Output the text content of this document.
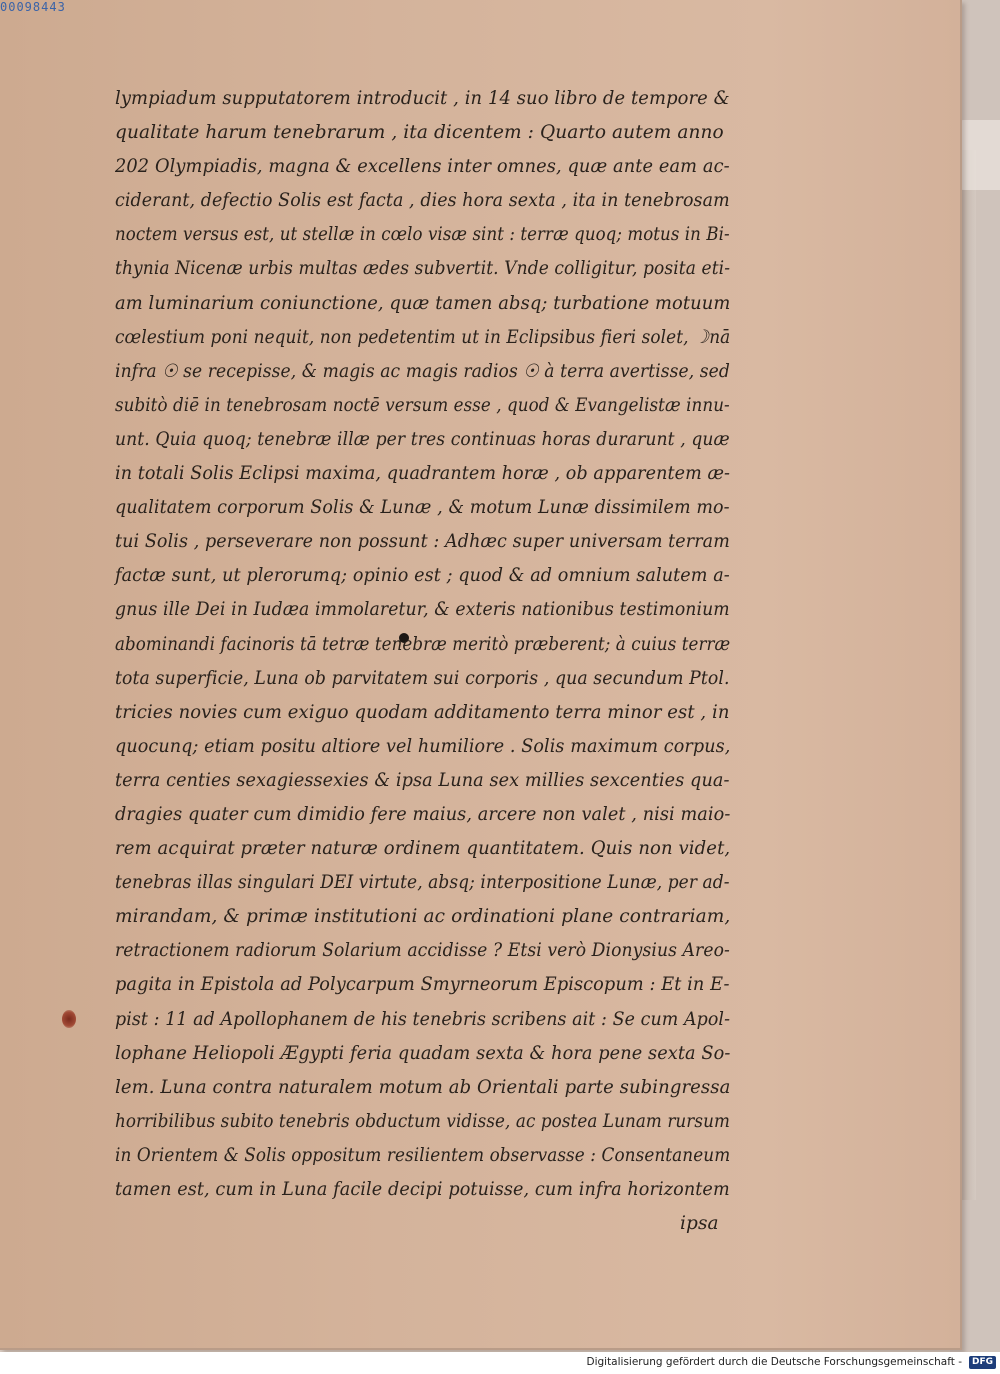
00098443
lympiadum supputatorem introducit , in 14 suo libro de tempore &
qualitate harum tenebrarum , ita dicentem : Quarto autem anno
202 Olympiadis, magna & excellens inter omnes, quæ ante eam ac-
ciderant, defectio Solis est facta , dies hora sexta , ita in tenebrosam
noctem versus est, ut stellæ in cœlo visæ sint : terræ quoq; motus in Bi-
thynia Nicenæ urbis multas ædes subvertit. Vnde colligitur, posita eti-
am luminarium coniunctione, quæ tamen absq; turbatione motuum
cœlestium poni nequit, non pedetentim ut in Eclipsibus fieri solet, ☽nā
infra ☉ se recepisse, & magis ac magis radios ☉ à terra avertisse, sed
subitò diē in tenebrosam noctē versum esse , quod & Evangelistæ innu-
unt. Quia quoq; tenebræ illæ per tres continuas horas durarunt , quæ
in totali Solis Eclipsi maxima, quadrantem horæ , ob apparentem æ-
qualitatem corporum Solis & Lunæ , & motum Lunæ dissimilem mo-
tui Solis , perseverare non possunt : Adhæc super universam terram
factæ sunt, ut plerorumq; opinio est ; quod & ad omnium salutem a-
gnus ille Dei in Iudæa immolaretur, & exteris nationibus testimonium
abominandi facinoris tā tetræ tenebræ meritò præberent; à cuius terræ
tota superficie, Luna ob parvitatem sui corporis , qua secundum Ptol.
tricies novies cum exiguo quodam additamento terra minor est , in
quocunq; etiam positu altiore vel humiliore . Solis maximum corpus,
terra centies sexagiessexies & ipsa Luna sex millies sexcenties qua-
dragies quater cum dimidio fere maius, arcere non valet , nisi maio-
rem acquirat præter naturæ ordinem quantitatem. Quis non videt,
tenebras illas singulari DEI virtute, absq; interpositione Lunæ, per ad-
mirandam, & primæ institutioni ac ordinationi plane contrariam,
retractionem radiorum Solarium accidisse ? Etsi verò Dionysius Areo-
pagita in Epistola ad Polycarpum Smyrneorum Episcopum : Et in E-
pist : 11 ad Apollophanem de his tenebris scribens ait : Se cum Apol-
lophane Heliopoli Ægypti feria quadam sexta & hora pene sexta So-
lem. Luna contra naturalem motum ab Orientali parte subingressa
horribilibus subito tenebris obductum vidisse, ac postea Lunam rursum
in Orientem & Solis oppositum resilientem observasse : Consentaneum
tamen est, cum in Luna facile decipi potuisse, cum infra horizontem
ipsa
Digitalisierung gefördert durch die Deutsche Forschungsgemeinschaft -	DFG
